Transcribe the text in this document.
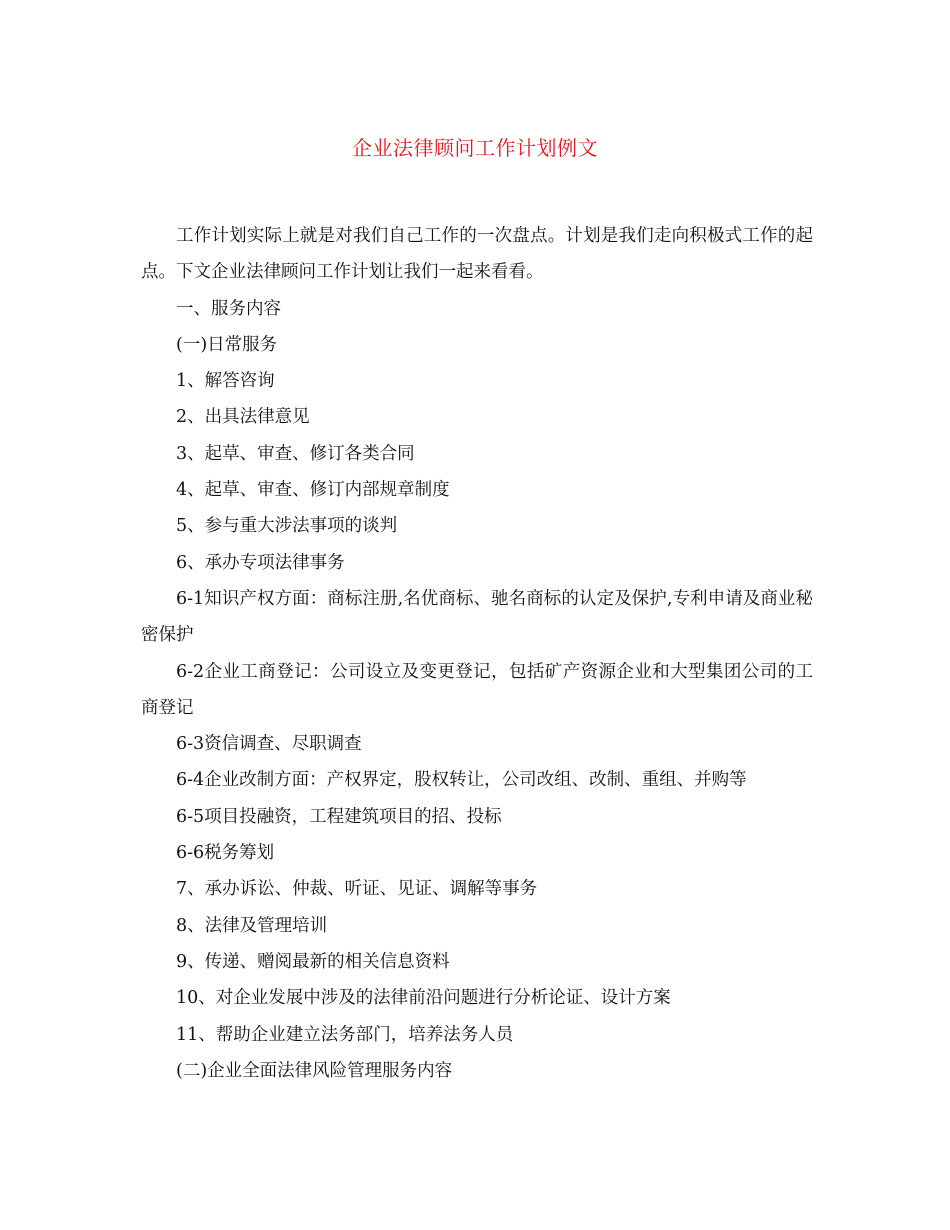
企业法律顾问工作计划例文

工作计划实际上就是对我们自己工作的一次盘点。计划是我们走向积极式工作的起点。下文企业法律顾问工作计划让我们一起来看看。

一、服务内容

(一)日常服务

1、解答咨询

2、出具法律意见

3、起草、审查、修订各类合同

4、起草、审查、修订内部规章制度

5、参与重大涉法事项的谈判

6、承办专项法律事务

6-1知识产权方面：商标注册,名优商标、驰名商标的认定及保护,专利申请及商业秘密保护

6-2企业工商登记：公司设立及变更登记，包括矿产资源企业和大型集团公司的工商登记

6-3资信调查、尽职调查

6-4企业改制方面：产权界定，股权转让，公司改组、改制、重组、并购等

6-5项目投融资，工程建筑项目的招、投标

6-6税务筹划

7、承办诉讼、仲裁、听证、见证、调解等事务

8、法律及管理培训

9、传递、赠阅最新的相关信息资料

10、对企业发展中涉及的法律前沿问题进行分析论证、设计方案

11、帮助企业建立法务部门，培养法务人员

(二)企业全面法律风险管理服务内容
